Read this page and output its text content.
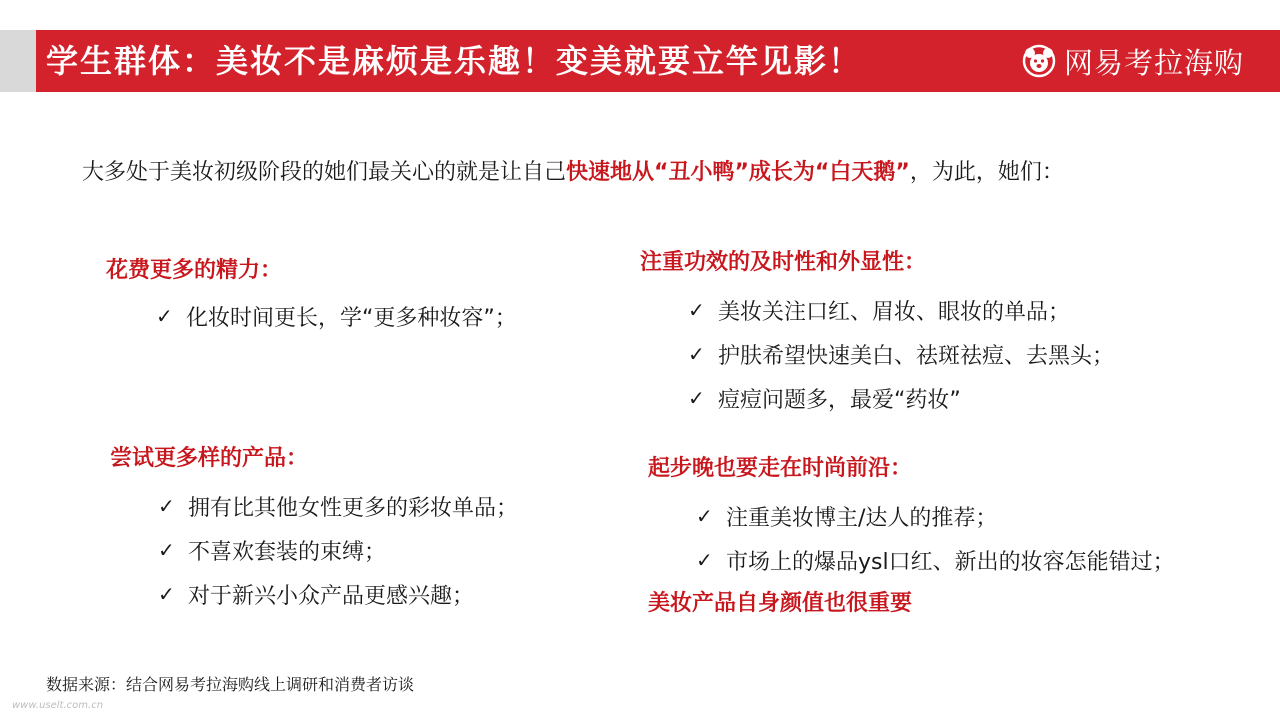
学生群体：美妆不是麻烦是乐趣！变美就要立竿见影！	网易考拉海购
大多处于美妆初级阶段的她们最关心的就是让自己快速地从“丑小鸭”成长为“白天鹅”，为此，她们：
花费更多的精力：
✓ 化妆时间更长，学“更多种妆容”；
注重功效的及时性和外显性：
✓ 美妆关注口红、眉妆、眼妆的单品；
✓ 护肤希望快速美白、祛斑祛痘、去黑头；
✓ 痘痘问题多，最爱“药妆”
尝试更多样的产品：
✓ 拥有比其他女性更多的彩妆单品；
✓ 不喜欢套装的束缚；
✓ 对于新兴小众产品更感兴趣；
起步晚也要走在时尚前沿：
✓ 注重美妆博主/达人的推荐；
✓ 市场上的爆品ysl口红、新出的妆容怎能错过；
美妆产品自身颜值也很重要
数据来源：结合网易考拉海购线上调研和消费者访谈
www.uselt.com.cn
